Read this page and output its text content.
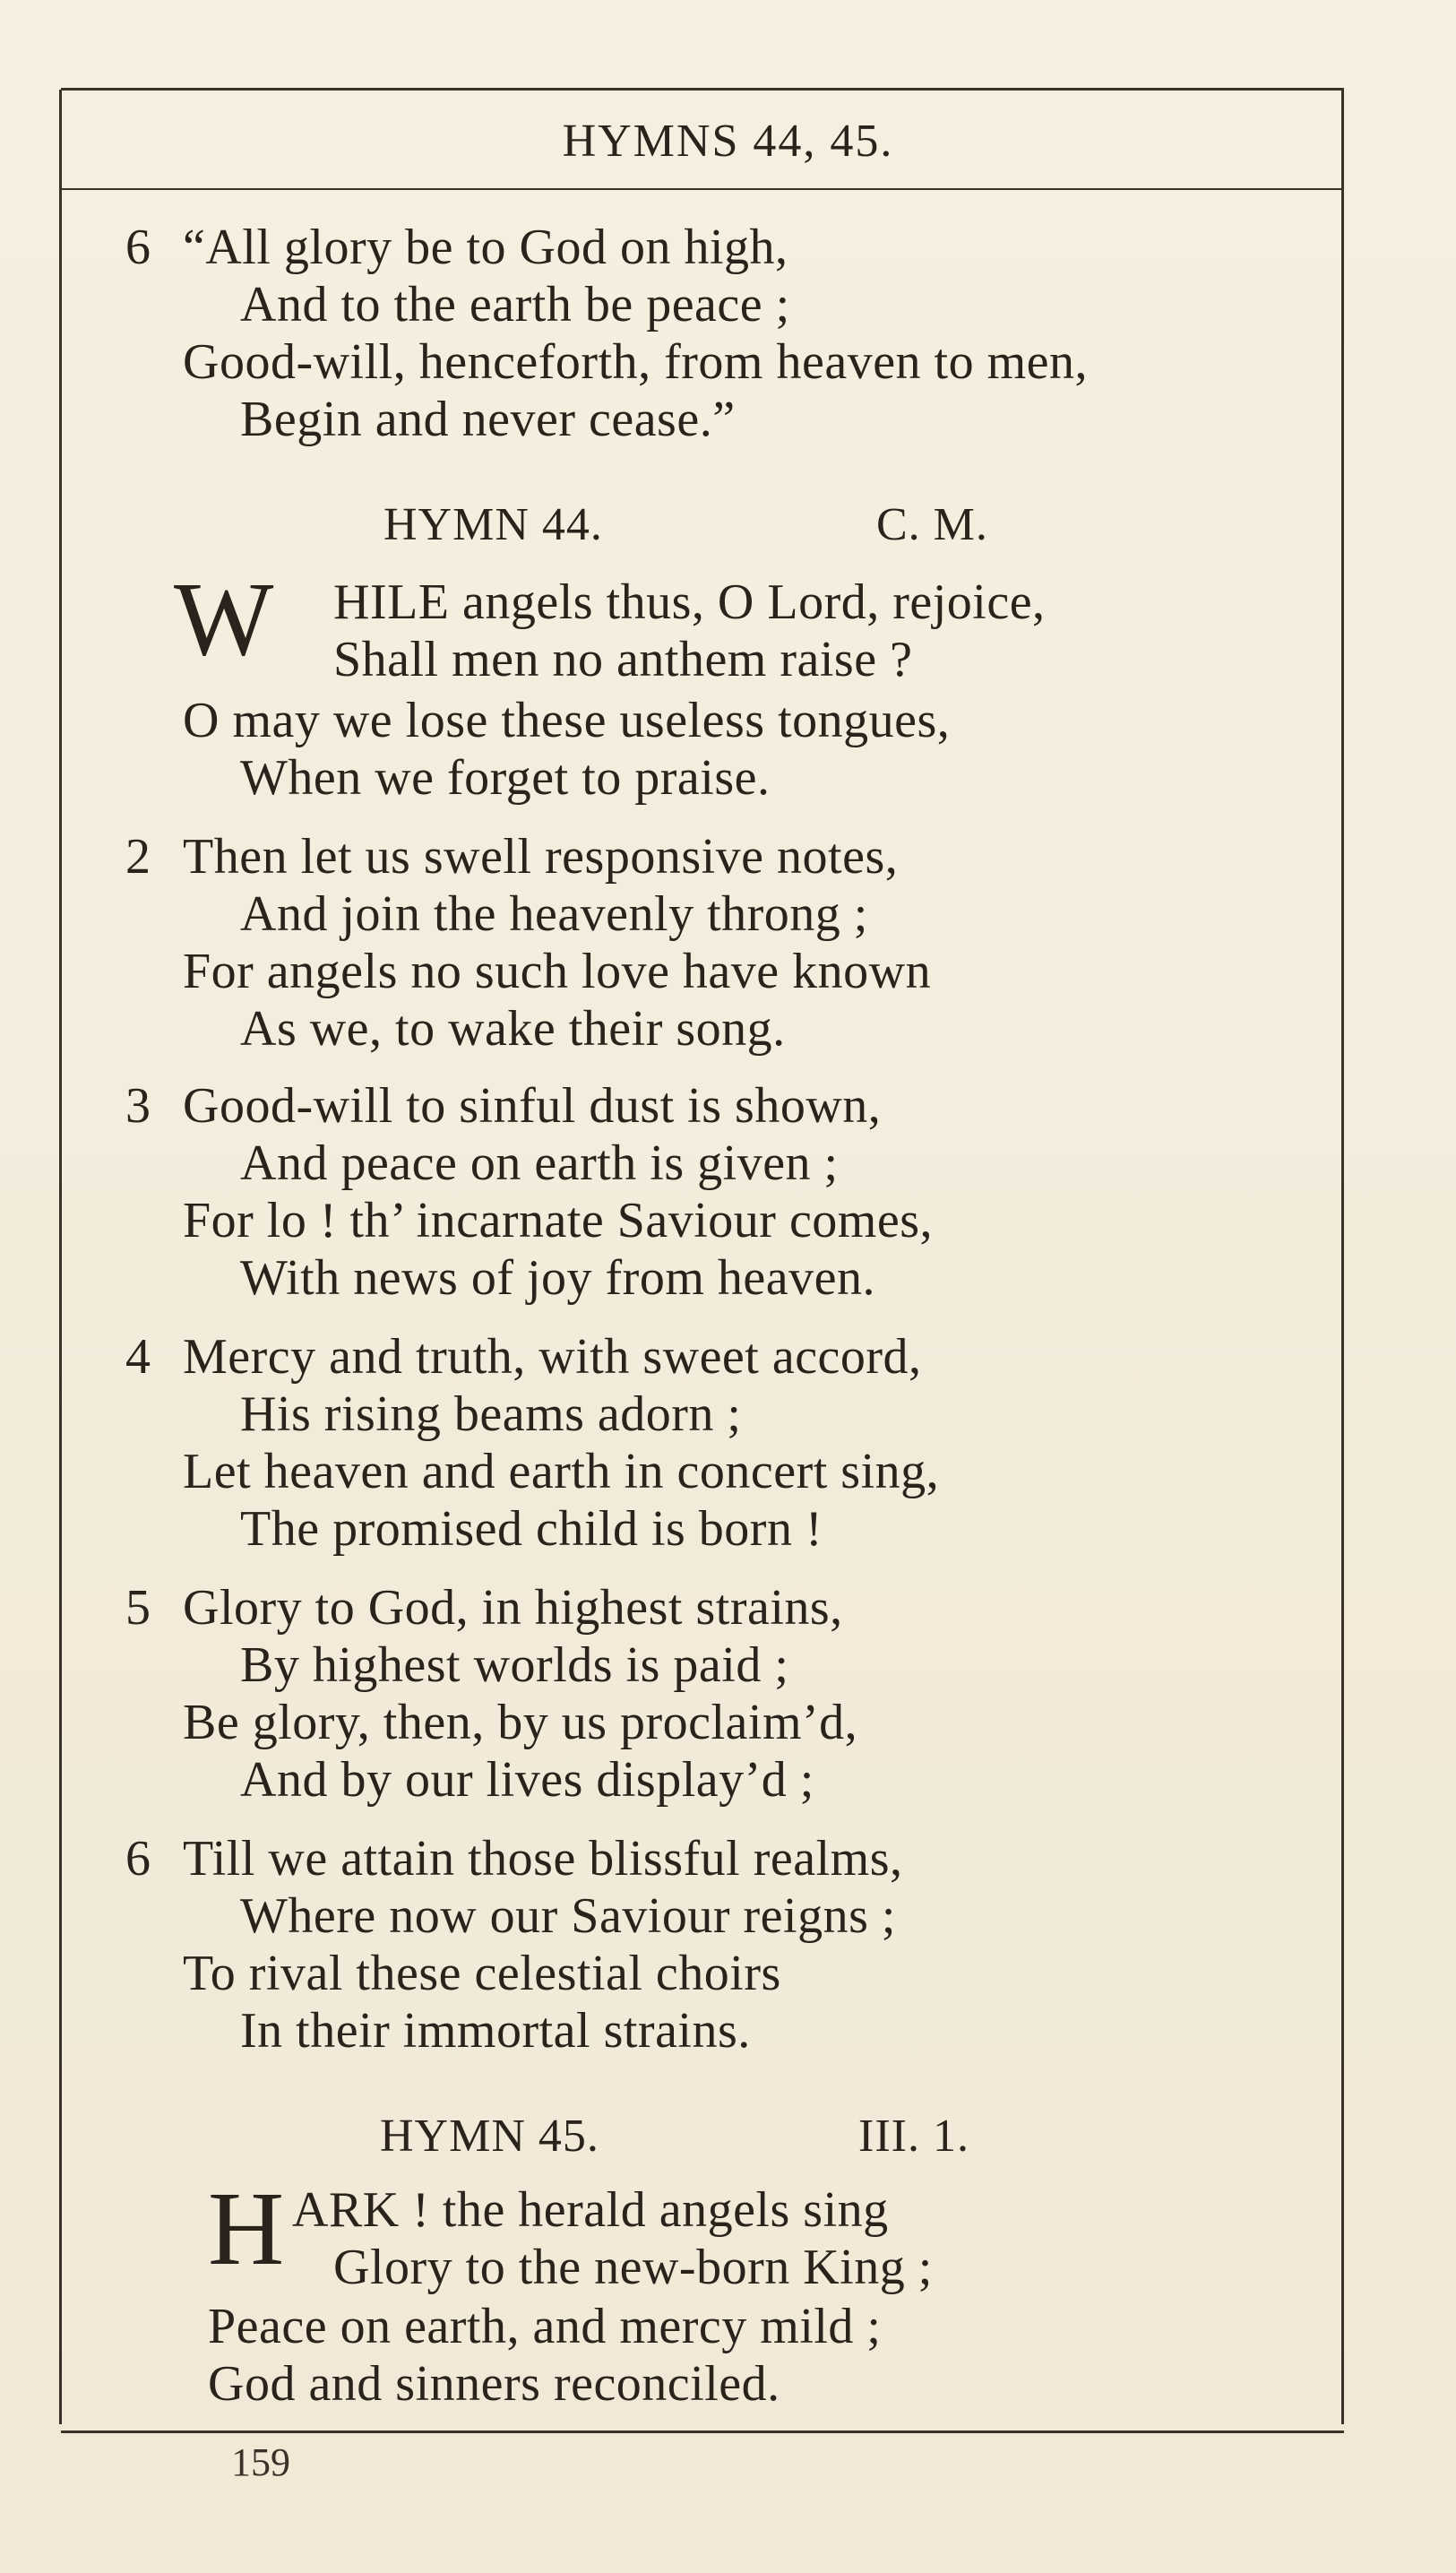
HYMNS 44, 45.
6 “All glory be to God on high,
And to the earth be peace ;
Good-will, henceforth, from heaven to men,
Begin and never cease.”
HYMN 44.	C. M.
W HILE angels thus, O Lord, rejoice,
Shall men no anthem raise ?
O may we lose these useless tongues,
When we forget to praise.
2 Then let us swell responsive notes,
And join the heavenly throng ;
For angels no such love have known
As we, to wake their song.
3 Good-will to sinful dust is shown,
And peace on earth is given ;
For lo ! th’ incarnate Saviour comes,
With news of joy from heaven.
4 Mercy and truth, with sweet accord,
His rising beams adorn ;
Let heaven and earth in concert sing,
The promised child is born !
5 Glory to God, in highest strains,
By highest worlds is paid ;
Be glory, then, by us proclaim’d,
And by our lives display’d ;
6 Till we attain those blissful realms,
Where now our Saviour reigns ;
To rival these celestial choirs
In their immortal strains.
HYMN 45.	III. 1.
H ARK ! the herald angels sing
Glory to the new-born King ;
Peace on earth, and mercy mild ;
God and sinners reconciled.
159
